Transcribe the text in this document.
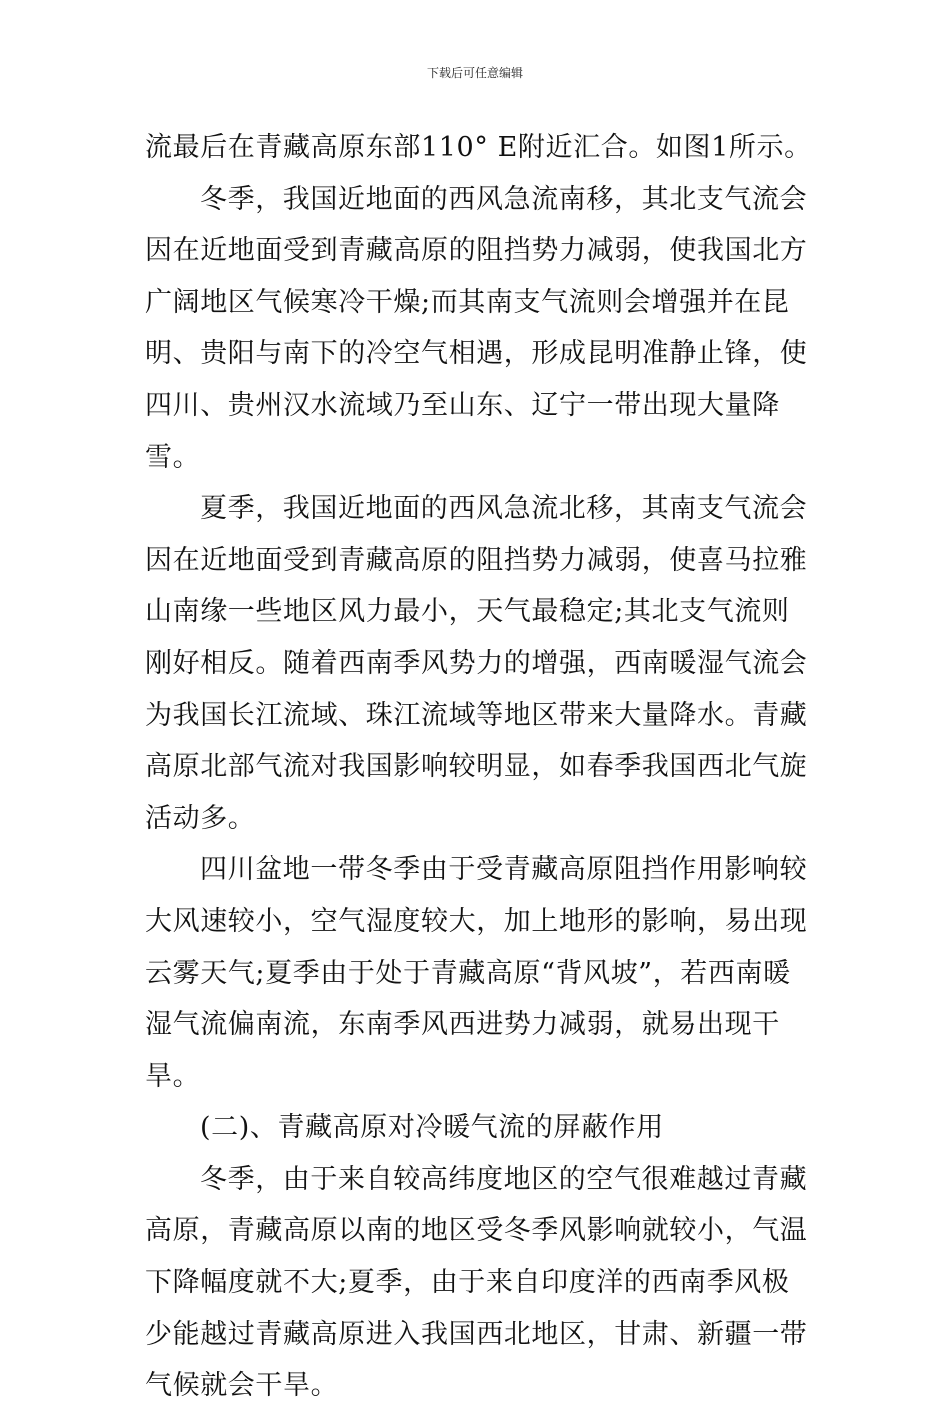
下载后可任意编辑

流最后在青藏高原东部110° E附近汇合。如图1所示。

冬季，我国近地面的西风急流南移，其北支气流会因在近地面受到青藏高原的阻挡势力减弱，使我国北方广阔地区气候寒冷干燥;而其南支气流则会增强并在昆明、贵阳与南下的冷空气相遇，形成昆明准静止锋，使四川、贵州汉水流域乃至山东、辽宁一带出现大量降雪。

夏季，我国近地面的西风急流北移，其南支气流会因在近地面受到青藏高原的阻挡势力减弱，使喜马拉雅山南缘一些地区风力最小，天气最稳定;其北支气流则刚好相反。随着西南季风势力的增强，西南暖湿气流会为我国长江流域、珠江流域等地区带来大量降水。青藏高原北部气流对我国影响较明显，如春季我国西北气旋活动多。

四川盆地一带冬季由于受青藏高原阻挡作用影响较大风速较小，空气湿度较大，加上地形的影响，易出现云雾天气;夏季由于处于青藏高原“背风坡”，若西南暖湿气流偏南流，东南季风西进势力减弱，就易出现干旱。

(二)、青藏高原对冷暖气流的屏蔽作用

冬季，由于来自较高纬度地区的空气很难越过青藏高原，青藏高原以南的地区受冬季风影响就较小，气温下降幅度就不大;夏季，由于来自印度洋的西南季风极少能越过青藏高原进入我国西北地区，甘肃、新疆一带气候就会干旱。
